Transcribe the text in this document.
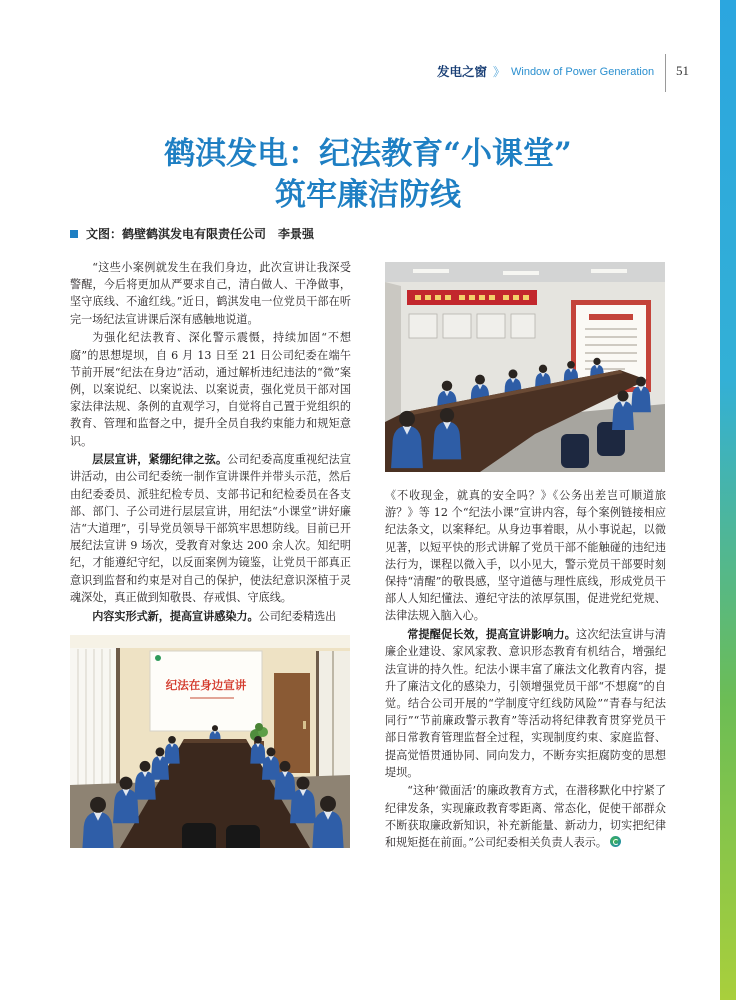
发电之窗 》 Window of Power Generation 51
鹤淇发电：纪法教育“小课堂”
筑牢廉洁防线
文图：鹤壁鹤淇发电有限责任公司　李景强

“这些小案例就发生在我们身边，此次宣讲让我深受警醒，今后将更加从严要求自己，清白做人、干净做事，坚守底线、不逾红线。”近日，鹤淇发电一位党员干部在听完一场纪法宣讲课后深有感触地说道。

为强化纪法教育、深化警示震慑，持续加固“不想腐”的思想堤坝，自 6 月 13 日至 21 日公司纪委在端午节前开展“纪法在身边”活动，通过解析违纪违法的“微”案例，以案说纪、以案说法、以案说责，强化党员干部对国家法律法规、条例的直观学习，自觉将自己置于党组织的教育、管理和监督之中，提升全员自我约束能力和规矩意识。

层层宣讲，紧绷纪律之弦。公司纪委高度重视纪法宣讲活动，由公司纪委统一制作宣讲课件并带头示范，然后由纪委委员、派驻纪检专员、支部书记和纪检委员在各支部、部门、子公司进行层层宣讲，用纪法“小课堂”讲好廉洁“大道理”，引导党员领导干部筑牢思想防线。目前已开展纪法宣讲 9 场次，受教育对象达 200 余人次。知纪明纪，才能遵纪守纪，以反面案例为镜鉴，让党员干部真正意识到监督和约束是对自己的保护，使法纪意识深植于灵魂深处，真正做到知敬畏、存戒惧、守底线。

内容实形式新，提高宣讲感染力。公司纪委精选出

纪法在身边宣讲

《不收现金，就真的安全吗？》《公务出差岂可顺道旅游？》等 12 个“纪法小课”宣讲内容，每个案例链接相应纪法条文，以案释纪。从身边事着眼，从小事说起，以微见著，以短平快的形式讲解了党员干部不能触碰的违纪违法行为，课程以微入手，以小见大，警示党员干部要时刻保持“清醒”的敬畏感，坚守道德与理性底线，形成党员干部人人知纪懂法、遵纪守法的浓厚氛围，促进党纪党规、法律法规入脑入心。

常提醒促长效，提高宣讲影响力。这次纪法宣讲与清廉企业建设、家风家教、意识形态教育有机结合，增强纪法宣讲的持久性。纪法小课丰富了廉法文化教育内容，提升了廉洁文化的感染力，引领增强党员干部“不想腐”的自觉。结合公司开展的“学制度守红线防风险”“青春与纪法同行”“节前廉政警示教育”等活动将纪律教育贯穿党员干部日常教育管理监督全过程，实现制度约束、家庭监督、提高觉悟贯通协同、同向发力，不断夯实拒腐防变的思想堤坝。

“这种‘微面活’的廉政教育方式，在潜移默化中拧紧了纪律发条，实现廉政教育零距离、常态化，促使干部群众不断获取廉政新知识，补充新能量、新动力，切实把纪律和规矩挺在前面。”公司纪委相关负责人表示。
